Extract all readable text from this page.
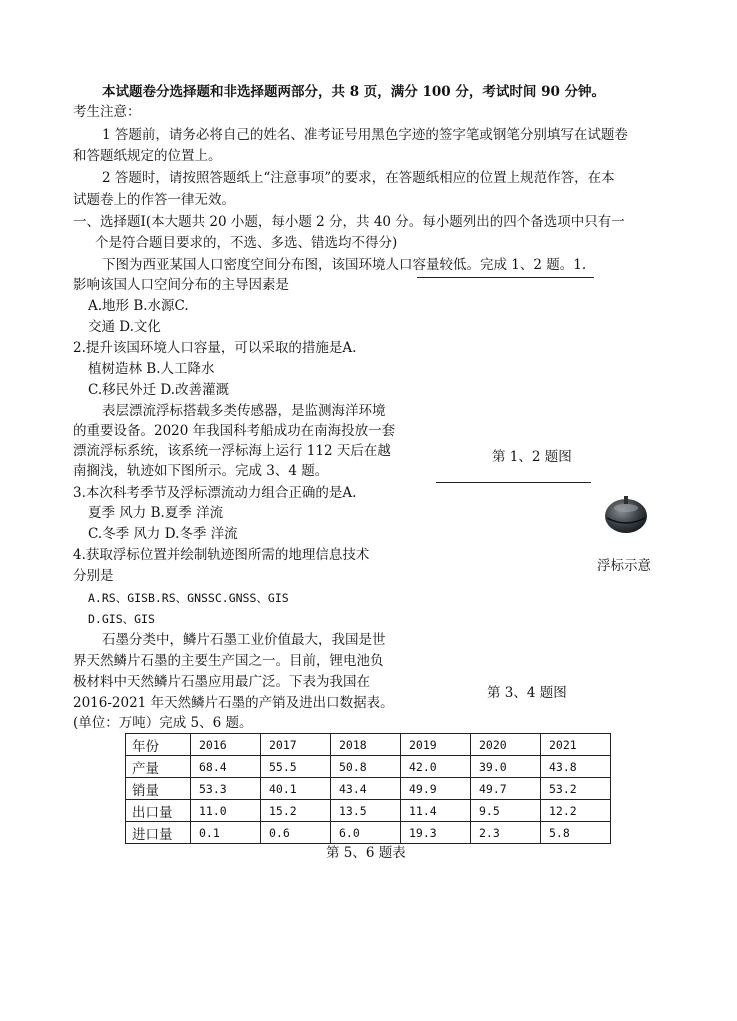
本试题卷分选择题和非选择题两部分，共 8 页，满分 100 分，考试时间 90 分钟。
考生注意：
1 答题前，请务必将自己的姓名、准考证号用黑色字迹的签字笔或钢笔分别填写在试题卷
和答题纸规定的位置上。
2 答题时，请按照答题纸上“注意事项”的要求，在答题纸相应的位置上规范作答，在本
试题卷上的作答一律无效。
一、选择题Ⅰ(本大题共 20 小题，每小题 2 分，共 40 分。每小题列出的四个备选项中只有一
个是符合题目要求的，不选、多选、错选均不得分)
下图为西亚某国人口密度空间分布图，该国环境人口容量较低。完成 1、2 题。1.
影响该国人口空间分布的主导因素是
A.地形 B.水源C.
交通 D.文化
2.提升该国环境人口容量，可以采取的措施是A.
植树造林 B.人工降水
C.移民外迁 D.改善灌溉
第 1、2 题图
表层漂流浮标搭载多类传感器，是监测海洋环境
的重要设备。2020 年我国科考船成功在南海投放一套
漂流浮标系统，该系统一浮标海上运行 112 天后在越
南搁浅，轨迹如下图所示。完成 3、4 题。
3.本次科考季节及浮标漂流动力组合正确的是A.
夏季 风力 B.夏季 洋流
C.冬季 风力 D.冬季 洋流
4.获取浮标位置并绘制轨迹图所需的地理信息技术
分别是
A.RS、GISB.RS、GNSSC.GNSS、GIS
D.GIS、GIS
浮标示意
石墨分类中，鳞片石墨工业价值最大，我国是世
界天然鳞片石墨的主要生产国之一。目前，锂电池负
极材料中天然鳞片石墨应用最广泛。下表为我国在
2016-2021 年天然鳞片石墨的产销及进出口数据表。
(单位：万吨）完成 5、6 题。
第 3、4 题图
年份	2016	2017	2018	2019	2020	2021
产量	68.4	55.5	50.8	42.0	39.0	43.8
销量	53.3	40.1	43.4	49.9	49.7	53.2
出口量	11.0	15.2	13.5	11.4	9.5	12.2
进口量	0.1	0.6	6.0	19.3	2.3	5.8
第 5、6 题表
